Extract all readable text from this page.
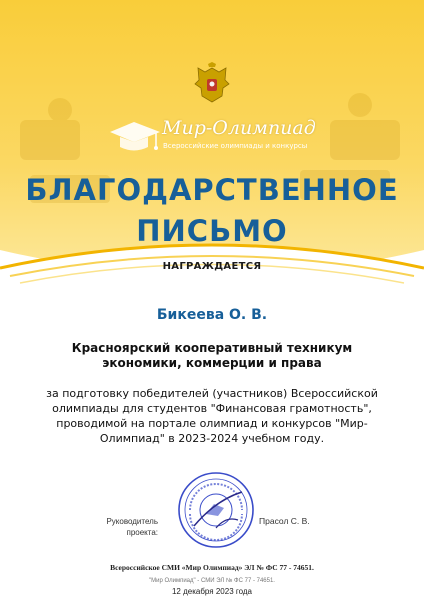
Мир-Олимпиад
Всероссийские олимпиады и конкурсы
БЛАГОДАРСТВЕННОЕ
ПИСЬМО
НАГРАЖДАЕТСЯ
Бикеева О. В.
Красноярский кооперативный техникум экономики, коммерции и права
за подготовку победителей (участников) Всероссийской олимпиады для студентов "Финансовая грамотность", проводимой на портале олимпиад и конкурсов "Мир-Олимпиад" в 2023-2024 учебном году.
Руководитель проекта:
Прасол С. В.
Всероссийское СМИ «Мир Олимпиад» ЭЛ № ФС 77 - 74651.
"Мир Олимпиад" - СМИ ЭЛ № ФС 77 - 74651.
12 декабря 2023 года
